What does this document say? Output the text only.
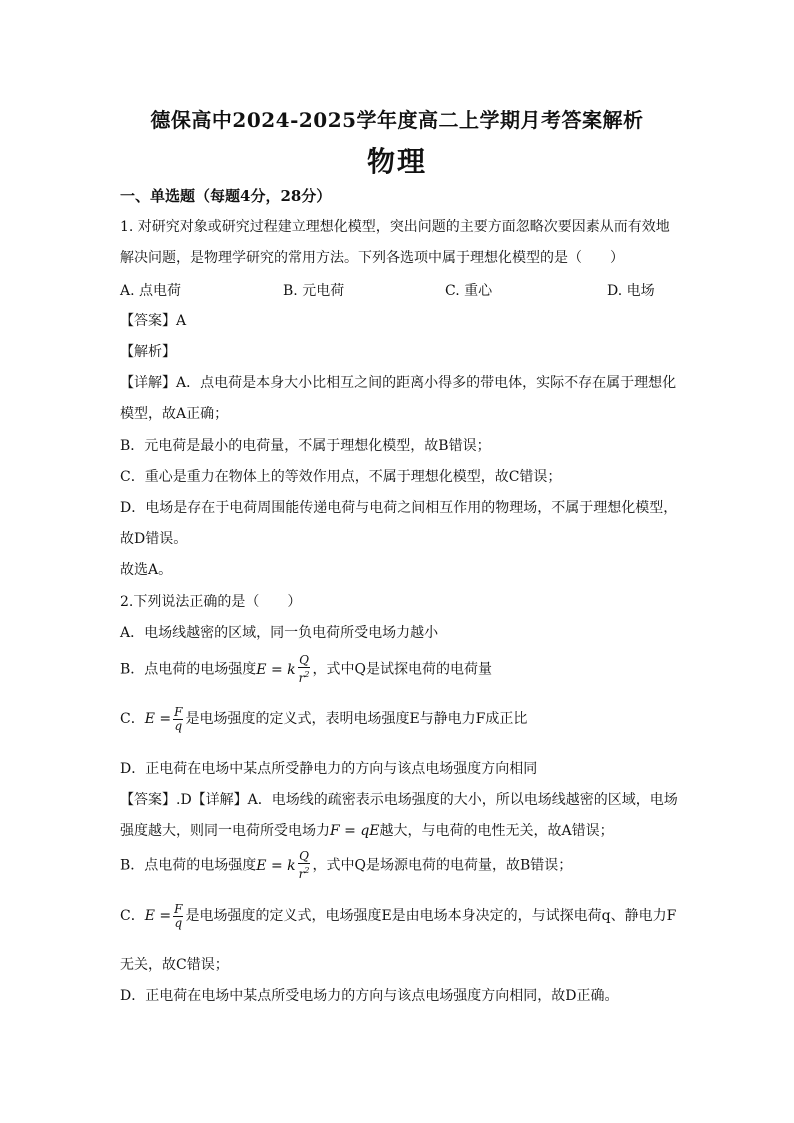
德保高中2024-2025学年度高二上学期月考答案解析
物理
一、单选题（每题4分，28分）
1. 对研究对象或研究过程建立理想化模型，突出问题的主要方面忽略次要因素从而有效地
解决问题，是物理学研究的常用方法。下列各选项中属于理想化模型的是（　　）
A. 点电荷	B. 元电荷	C. 重心	D. 电场
【答案】A
【解析】
【详解】A．点电荷是本身大小比相互之间的距离小得多的带电体，实际不存在属于理想化
模型，故A正确；
B．元电荷是最小的电荷量，不属于理想化模型，故B错误；
C．重心是重力在物体上的等效作用点，不属于理想化模型，故C错误；
D．电场是存在于电荷周围能传递电荷与电荷之间相互作用的物理场，不属于理想化模型，
故D错误。
故选A。
2.下列说法正确的是（　　）
A．电场线越密的区域，同一负电荷所受电场力越小
B．点电荷的电场强度E = k $\frac{Q}{r^2}$ ，式中Q是试探电荷的电荷量
C．$E = \frac{F}{q}$ 是电场强度的定义式，表明电场强度E与静电力F成正比
D．正电荷在电场中某点所受静电力的方向与该点电场强度方向相同
【答案】.D【详解】A．电场线的疏密表示电场强度的大小，所以电场线越密的区域，电场
强度越大，则同一电荷所受电场力F = qE越大，与电荷的电性无关，故A错误；
B．点电荷的电场强度E = k $\frac{Q}{r^2}$ ，式中Q是场源电荷的电荷量，故B错误；
C．$E = \frac{F}{q}$ 是电场强度的定义式，电场强度E是由电场本身决定的，与试探电荷q、静电力F
无关，故C错误；
D．正电荷在电场中某点所受电场力的方向与该点电场强度方向相同，故D正确。
